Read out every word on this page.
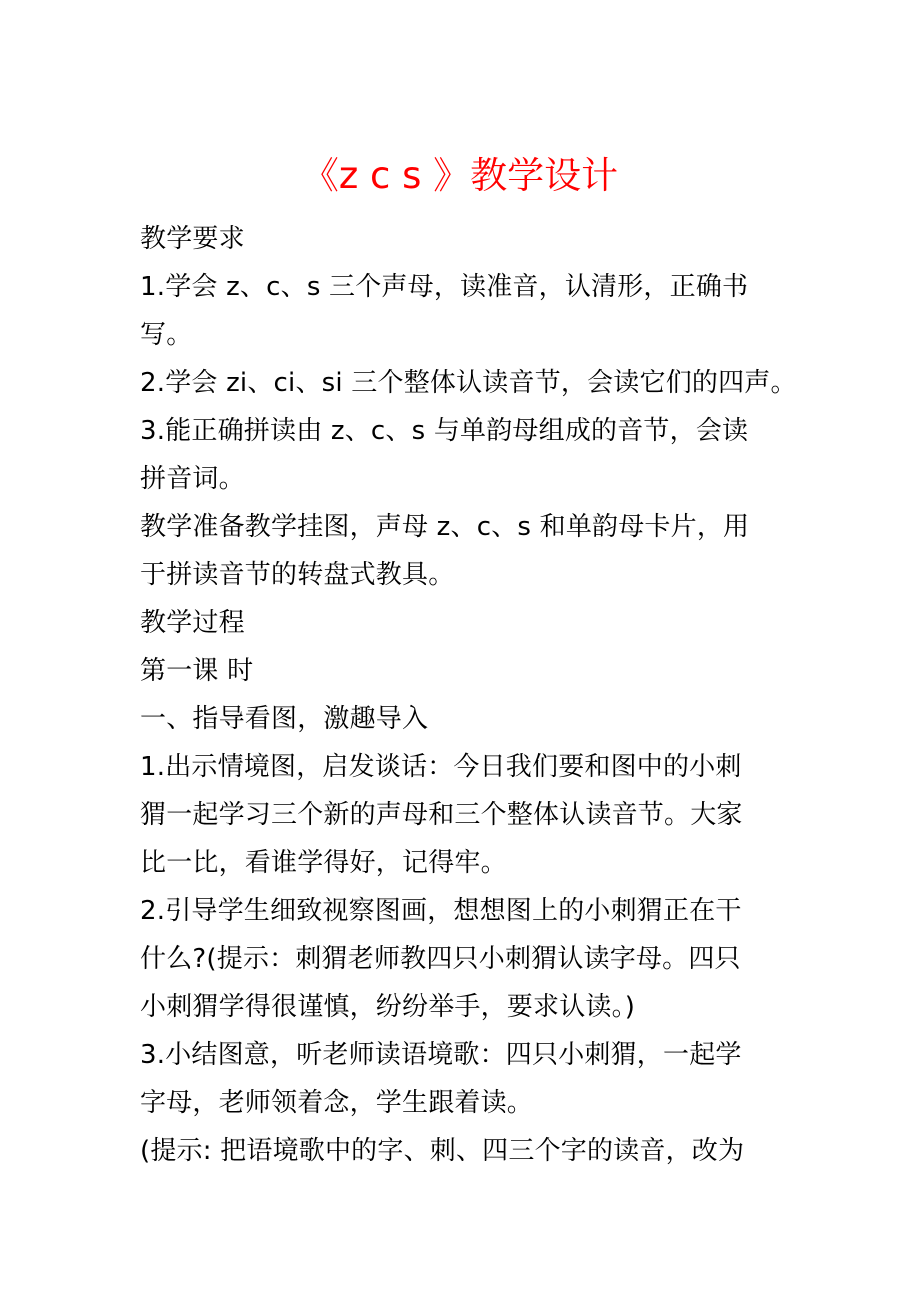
《z c s 》教学设计
教学要求
1.学会 z、c、s 三个声母，读准音，认清形，正确书
写。
2.学会 zi、ci、si 三个整体认读音节，会读它们的四声。
3.能正确拼读由 z、c、s 与单韵母组成的音节，会读
拼音词。
教学准备教学挂图，声母 z、c、s 和单韵母卡片，用
于拼读音节的转盘式教具。
教学过程
第一课 时
一、指导看图，激趣导入
1.出示情境图，启发谈话：今日我们要和图中的小刺
猬一起学习三个新的声母和三个整体认读音节。大家
比一比，看谁学得好，记得牢。
2.引导学生细致视察图画，想想图上的小刺猬正在干
什么?(提示：刺猬老师教四只小刺猬认读字母。四只
小刺猬学得很谨慎，纷纷举手，要求认读。)
3.小结图意，听老师读语境歌：四只小刺猬，一起学
字母，老师领着念，学生跟着读。
(提示: 把语境歌中的字、刺、四三个字的读音，改为
